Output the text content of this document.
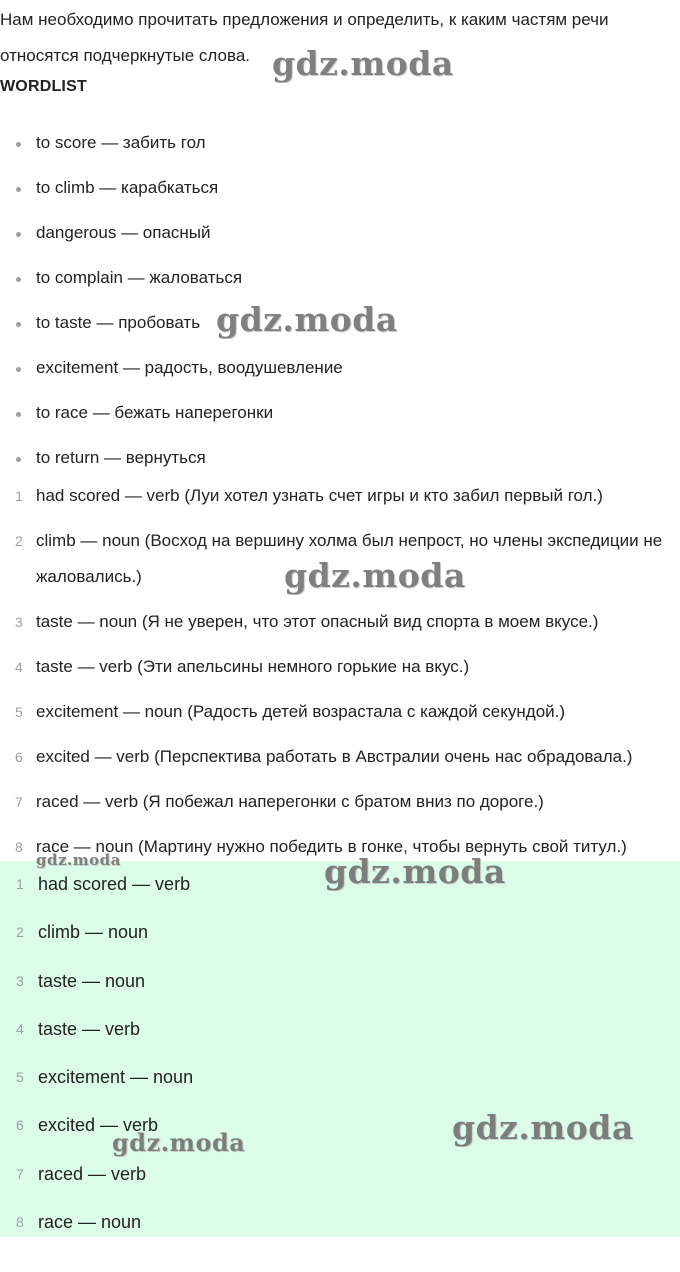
Нам необходимо прочитать предложения и определить, к каким частям речи относятся подчеркнутые слова.
WORDLIST
to score — забить гол
to climb — карабкаться
dangerous — опасный
to complain — жаловаться
to taste — пробовать
excitement — радость, воодушевление
to race — бежать наперегонки
to return — вернуться
1 had scored — verb (Луи хотел узнать счет игры и кто забил первый гол.)
2 climb — noun (Восход на вершину холма был непрост, но члены экспедиции не жаловались.)
3 taste — noun (Я не уверен, что этот опасный вид спорта в моем вкусе.)
4 taste — verb (Эти апельсины немного горькие на вкус.)
5 excitement — noun (Радость детей возрастала с каждой секундой.)
6 excited — verb (Перспектива работать в Австралии очень нас обрадовала.)
7 raced — verb (Я побежал наперегонки с братом вниз по дороге.)
8 race — noun (Мартину нужно победить в гонке, чтобы вернуть свой титул.)
1 had scored — verb
2 climb — noun
3 taste — noun
4 taste — verb
5 excitement — noun
6 excited — verb
7 raced — verb
8 race — noun
gdz.moda
gdz.moda
gdz.moda
gdz.moda	gdz.moda
gdz.moda	gdz.moda
